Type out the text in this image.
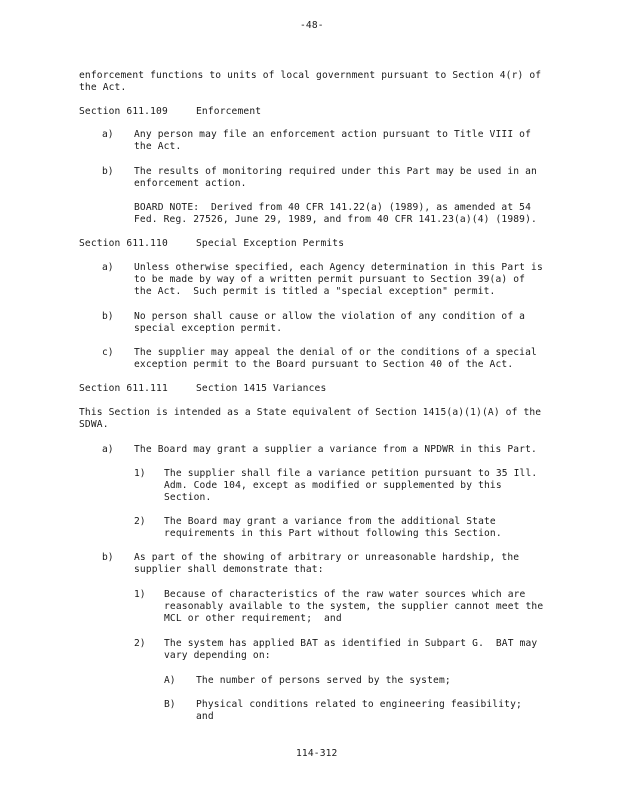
-48-
enforcement functions to units of local government pursuant to Section 4(r) of
the Act.
Section 611.109	Enforcement
a) Any person may file an enforcement action pursuant to Title VIII of
the Act.
b) The results of monitoring required under this Part may be used in an
enforcement action.
BOARD NOTE:  Derived from 40 CFR 141.22(a) (1989), as amended at 54
Fed. Reg. 27526, June 29, 1989, and from 40 CFR 141.23(a)(4) (1989).
Section 611.110	Special Exception Permits
a) Unless otherwise specified, each Agency determination in this Part is
to be made by way of a written permit pursuant to Section 39(a) of
the Act.  Such permit is titled a "special exception" permit.
b) No person shall cause or allow the violation of any condition of a
special exception permit.
c) The supplier may appeal the denial of or the conditions of a special
exception permit to the Board pursuant to Section 40 of the Act.
Section 611.111	Section 1415 Variances
This Section is intended as a State equivalent of Section 1415(a)(1)(A) of the
SDWA.
a) The Board may grant a supplier a variance from a NPDWR in this Part.
1) The supplier shall file a variance petition pursuant to 35 Ill.
Adm. Code 104, except as modified or supplemented by this
Section.
2) The Board may grant a variance from the additional State
requirements in this Part without following this Section.
b) As part of the showing of arbitrary or unreasonable hardship, the
supplier shall demonstrate that:
1) Because of characteristics of the raw water sources which are
reasonably available to the system, the supplier cannot meet the
MCL or other requirement;  and
2) The system has applied BAT as identified in Subpart G.  BAT may
vary depending on:
A) The number of persons served by the system;
B) Physical conditions related to engineering feasibility;
and
114-312
